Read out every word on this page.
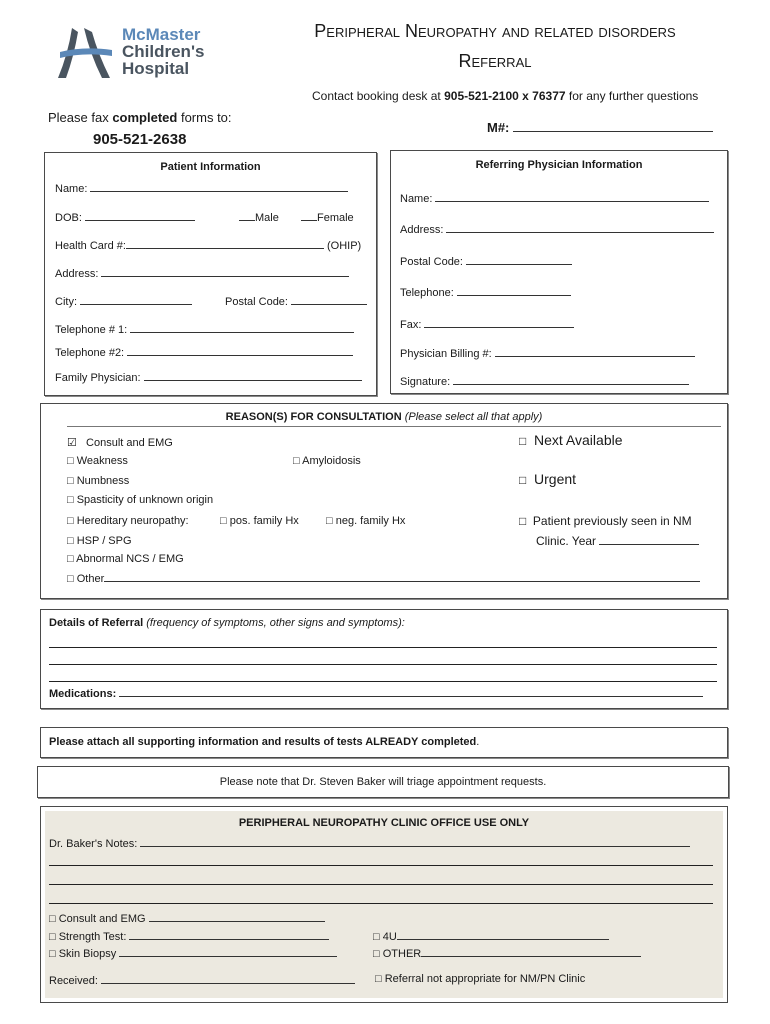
McMaster
Children's
Hospital
Peripheral Neuropathy and related disorders
Referral
Contact booking desk at 905-521-2100 x 76377 for any further questions
Please fax completed forms to:
905-521-2638
M#:
Patient Information
Name:
DOB:	Male	Female
Health Card #:	(OHIP)
Address:
City:	Postal Code:
Telephone # 1:
Telephone #2:
Family Physician:
Referring Physician Information
Name:
Address:
Postal Code:
Telephone:
Fax:
Physician Billing #:
Signature:
REASON(S) FOR CONSULTATION (Please select all that apply)
☑ Consult and EMG
□ Weakness	□ Amyloidosis
□ Numbness
□ Spasticity of unknown origin
□ Hereditary neuropathy:	□ pos. family Hx □ neg. family Hx
□ HSP / SPG
□ Abnormal NCS / EMG
□ Other
□ Next Available
□ Urgent
□ Patient previously seen in NM
Clinic. Year
Details of Referral (frequency of symptoms, other signs and symptoms):
Medications:
Please attach all supporting information and results of tests ALREADY completed.
Please note that Dr. Steven Baker will triage appointment requests.
PERIPHERAL NEUROPATHY CLINIC OFFICE USE ONLY
Dr. Baker's Notes:
□ Consult and EMG
□ Strength Test:	□ 4U
□ Skin Biopsy	□ OTHER
Received:	□ Referral not appropriate for NM/PN Clinic
